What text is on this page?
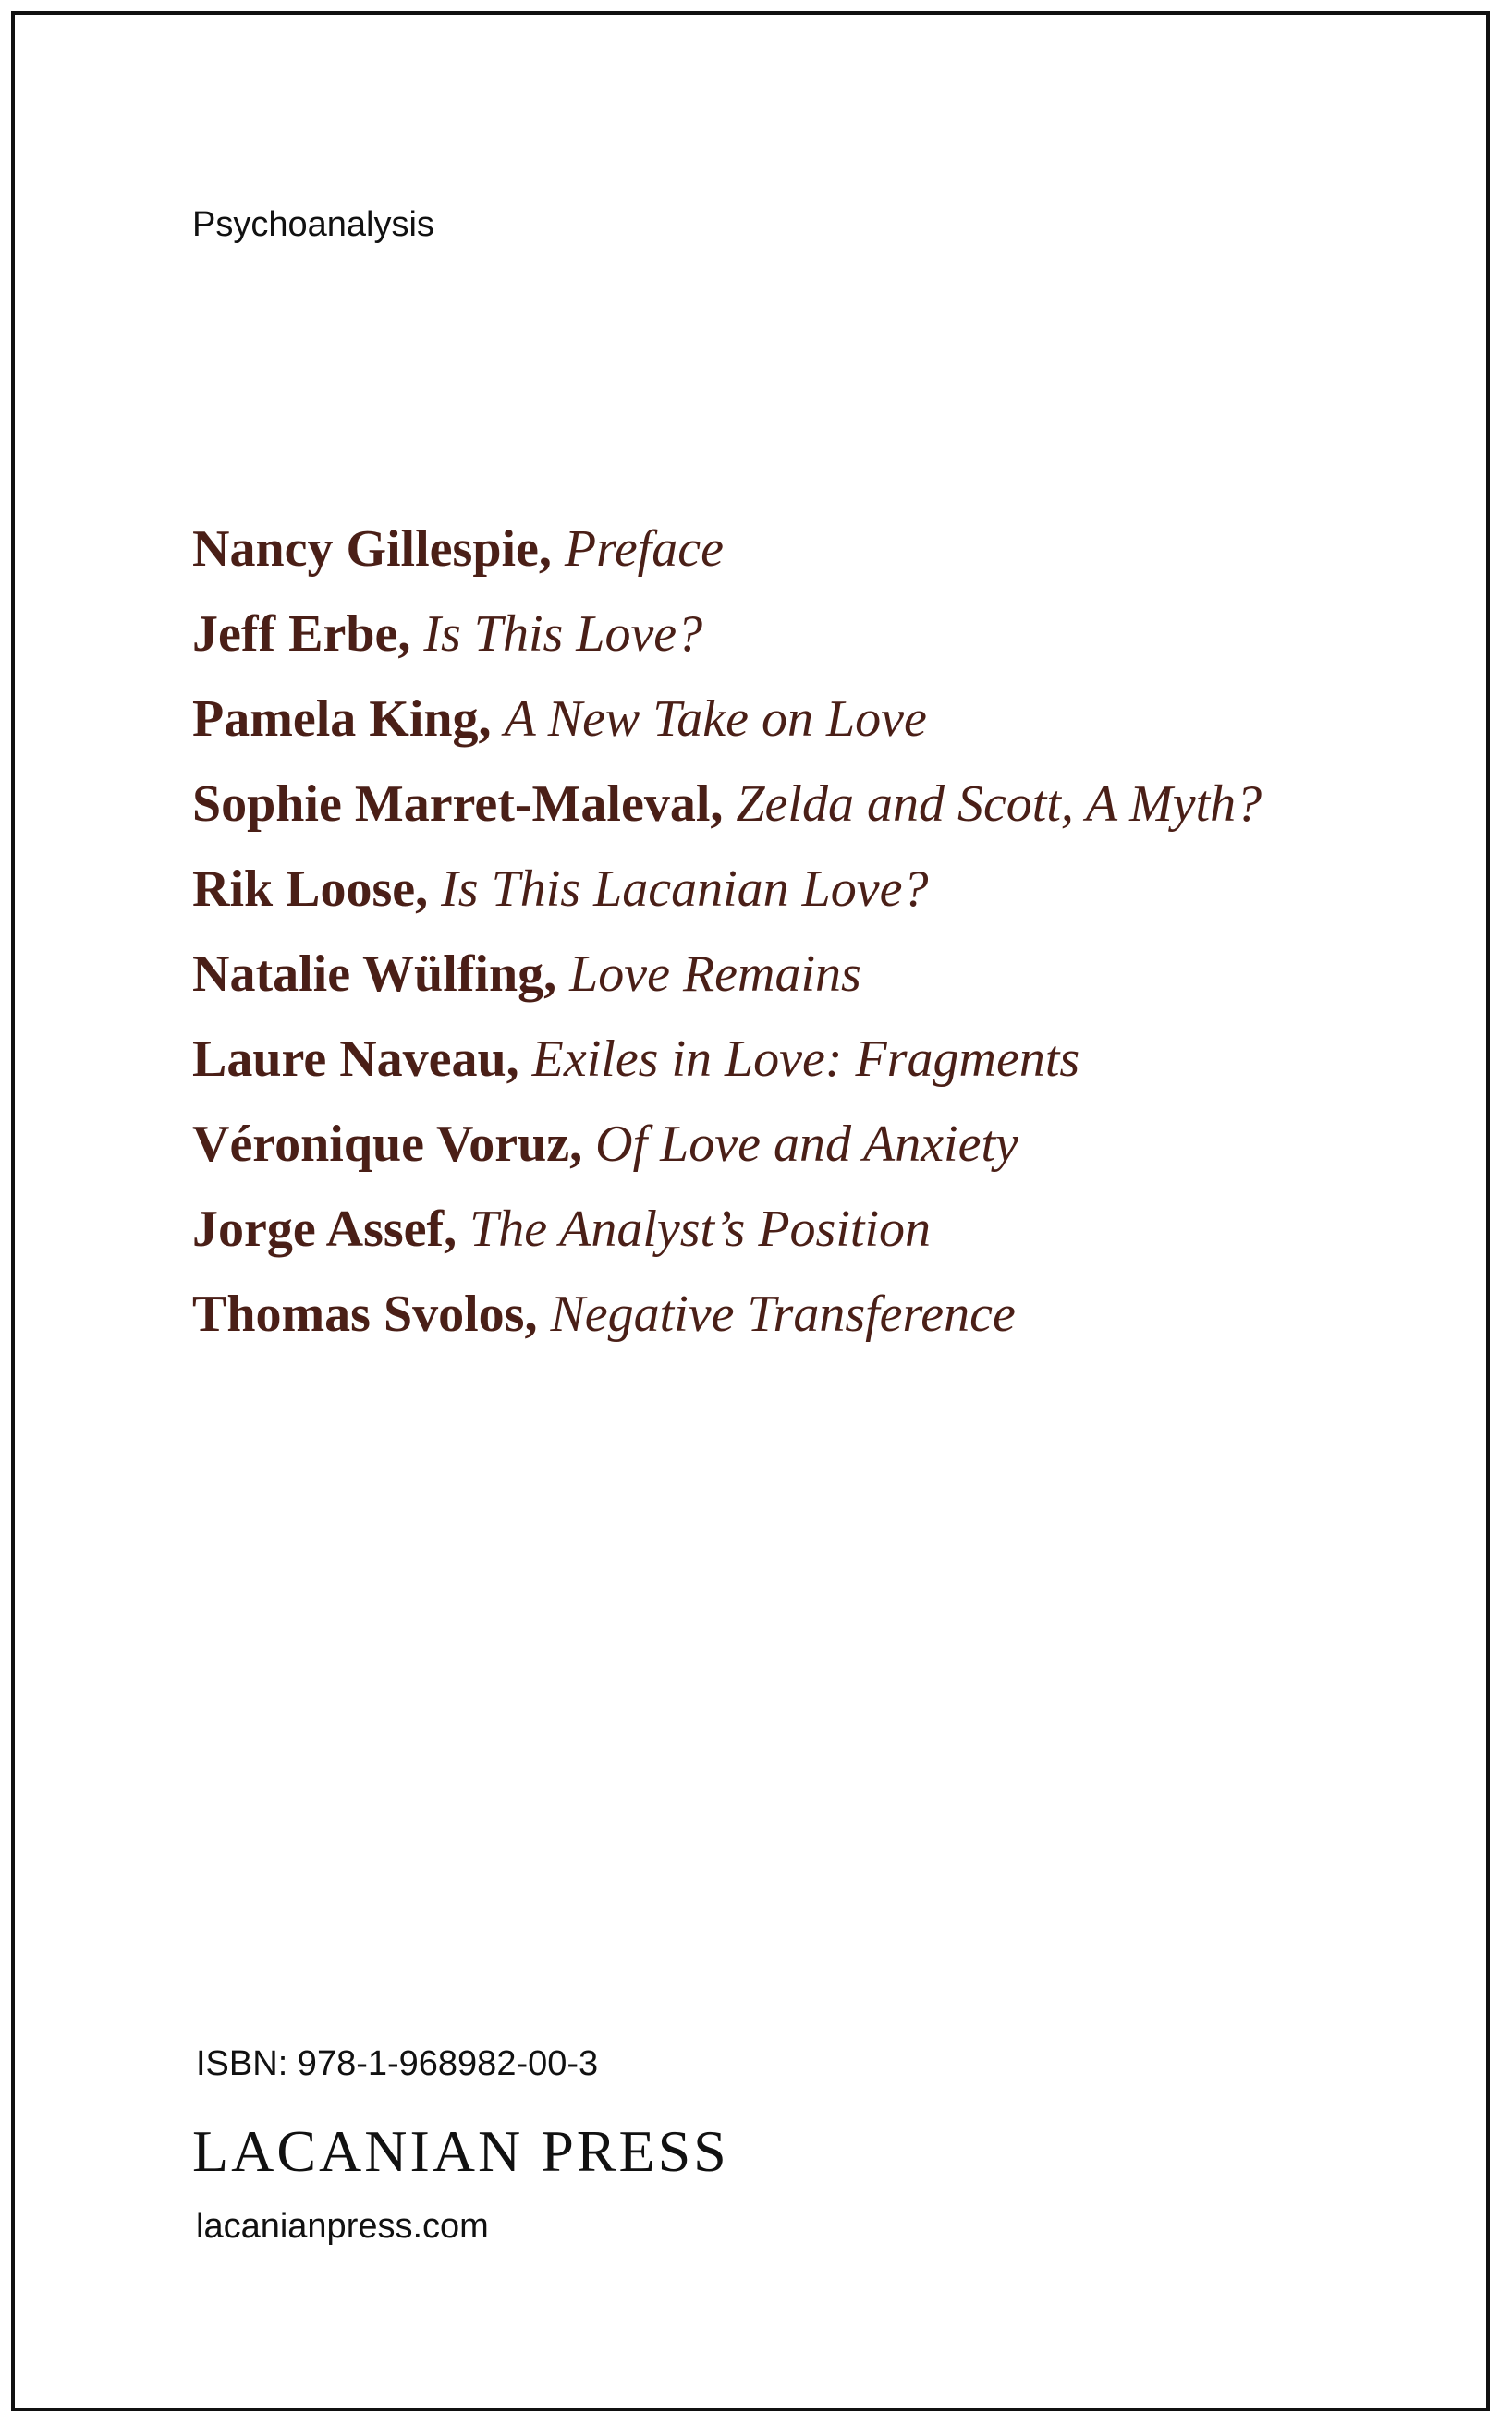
Psychoanalysis
Nancy Gillespie, Preface
Jeff Erbe, Is This Love?
Pamela King, A New Take on Love
Sophie Marret-Maleval, Zelda and Scott, A Myth?
Rik Loose, Is This Lacanian Love?
Natalie Wülfing, Love Remains
Laure Naveau, Exiles in Love: Fragments
Véronique Voruz, Of Love and Anxiety
Jorge Assef, The Analyst’s Position
Thomas Svolos, Negative Transference
ISBN: 978-1-968982-00-3
LACANIAN PRESS
lacanianpress.com
